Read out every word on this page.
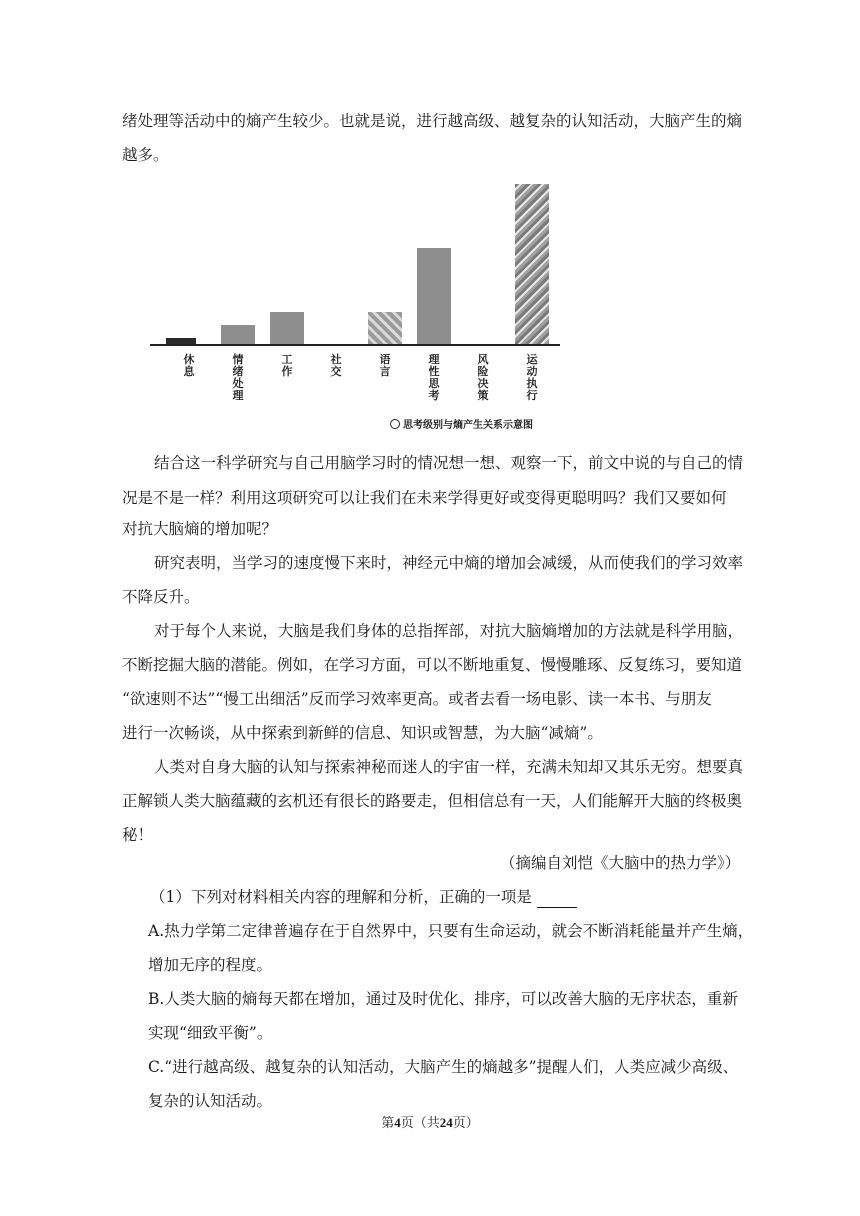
绪处理等活动中的熵产生较少。也就是说，进行越高级、越复杂的认知活动，大脑产生的熵
越多。
休息
情绪处理
工作
社交
语言
理性思考
风险决策
运动执行
思考级别与熵产生关系示意图
结合这一科学研究与自己用脑学习时的情况想一想、观察一下，前文中说的与自己的情
况是不是一样？利用这项研究可以让我们在未来学得更好或变得更聪明吗？我们又要如何
对抗大脑熵的增加呢？
研究表明，当学习的速度慢下来时，神经元中熵的增加会减缓，从而使我们的学习效率
不降反升。
对于每个人来说，大脑是我们身体的总指挥部，对抗大脑熵增加的方法就是科学用脑，
不断挖掘大脑的潜能。例如，在学习方面，可以不断地重复、慢慢雕琢、反复练习，要知道
“欲速则不达”“慢工出细活”反而学习效率更高。或者去看一场电影、读一本书、与朋友
进行一次畅谈，从中探索到新鲜的信息、知识或智慧，为大脑“减熵”。
人类对自身大脑的认知与探索神秘而迷人的宇宙一样，充满未知却又其乐无穷。想要真
正解锁人类大脑蕴藏的玄机还有很长的路要走，但相信总有一天，人们能解开大脑的终极奥
秘！
（摘编自刘恺《大脑中的热力学》）
（1）下列对材料相关内容的理解和分析，正确的一项是
A.热力学第二定律普遍存在于自然界中，只要有生命运动，就会不断消耗能量并产生熵，
增加无序的程度。
B.人类大脑的熵每天都在增加，通过及时优化、排序，可以改善大脑的无序状态，重新
实现“细致平衡”。
C.“进行越高级、越复杂的认知活动，大脑产生的熵越多”提醒人们，人类应减少高级、
复杂的认知活动。
第4页（共24页）
